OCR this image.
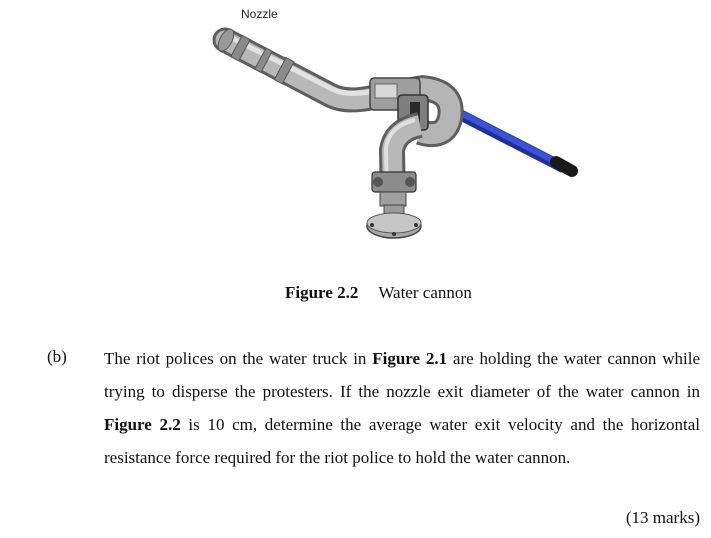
Nozzle
Figure 2.2 Water cannon
(b) The riot polices on the water truck in Figure 2.1 are holding the water cannon while trying to disperse the protesters. If the nozzle exit diameter of the water cannon in Figure 2.2 is 10 cm, determine the average water exit velocity and the horizontal resistance force required for the riot police to hold the water cannon.
(13 marks)
